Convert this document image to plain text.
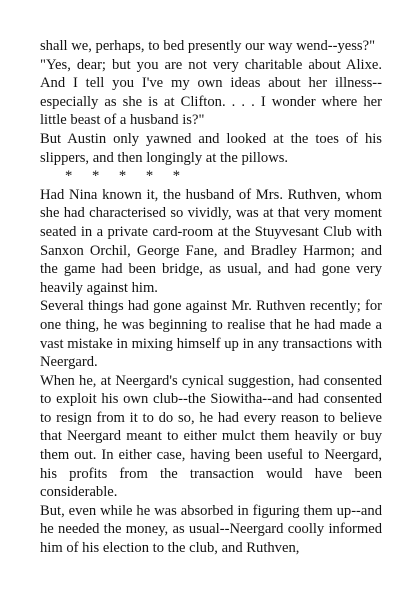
shall we, perhaps, to bed presently our way wend--yess?"

"Yes, dear; but you are not very charitable about Alixe. And I tell you I've my own ideas about her illness--especially as she is at Clifton. . . . I wonder where her little beast of a husband is?"

But Austin only yawned and looked at the toes of his slippers, and then longingly at the pillows.

* * * * *

Had Nina known it, the husband of Mrs. Ruthven, whom she had characterised so vividly, was at that very moment seated in a private card-room at the Stuyvesant Club with Sanxon Orchil, George Fane, and Bradley Harmon; and the game had been bridge, as usual, and had gone very heavily against him.

Several things had gone against Mr. Ruthven recently; for one thing, he was beginning to realise that he had made a vast mistake in mixing himself up in any transactions with Neergard.

When he, at Neergard's cynical suggestion, had consented to exploit his own club--the Siowitha--and had consented to resign from it to do so, he had every reason to believe that Neergard meant to either mulct them heavily or buy them out. In either case, having been useful to Neergard, his profits from the transaction would have been considerable.

But, even while he was absorbed in figuring them up--and he needed the money, as usual--Neergard coolly informed him of his election to the club, and Ruthven,
